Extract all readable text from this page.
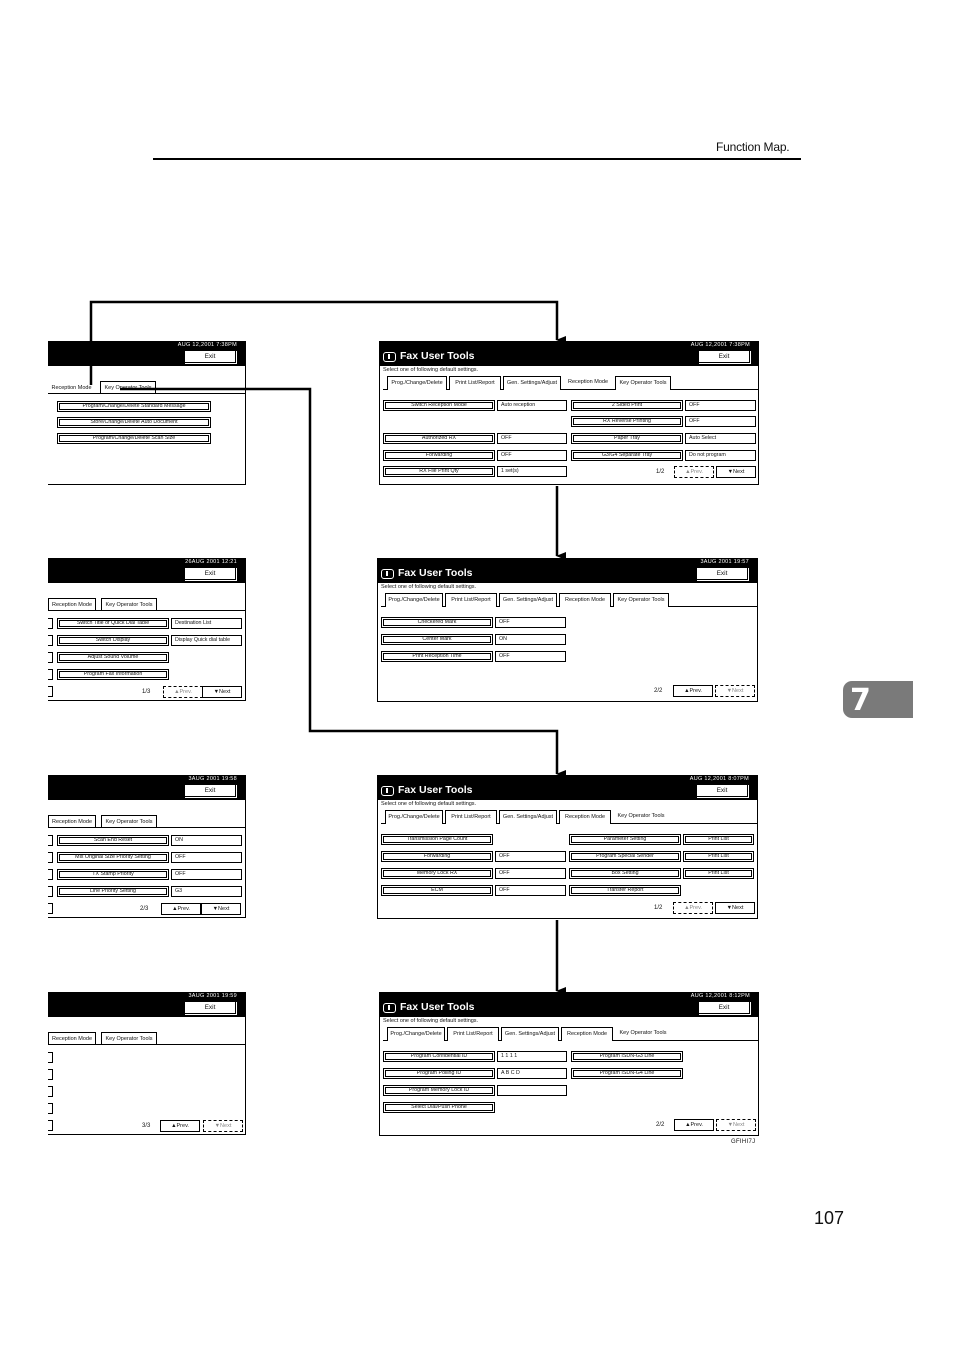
Function Map.
7
107
GFIHI7J
AUG 12,2001 7:38PM
Exit
Reception Mode	Key Operator Tools
Program/Change/Delete Standard Message
Store/Change/Delete Auto Document
Program/Change/Delete Scan Size
26AUG 2001 12:21
Exit
Reception Mode	Key Operator Tools
Switch Title of Quick Dial Table	Destination List
Switch Display	Display Quick dial table
Adjust Sound Volume
Program Fax Information
1/3	▲Prev.	▼Next
3AUG 2001 19:58
Exit
Reception Mode	Key Operator Tools
Scan End Reset	ON
Mix Original Size Priority Setting	OFF
TX Stamp Priority	OFF
Line Priority Setting	G3
2/3	▲Prev.	▼Next
3AUG 2001 19:59
Exit
Reception Mode	Key Operator Tools
3/3	▲Prev.	▼Next
AUG 12,2001 7:38PM
Fax User Tools	Exit
Select one of following default settings.
Prog./Change/Delete	Print List/Report	Gen. Settings/Adjust	Reception Mode	Key Operator Tools
Switch Reception Mode	Auto reception
Authorized RX	OFF
Forwarding	OFF
RX File Print Qty	1 set(s)
2 Sided Print	OFF
RX Reverse Printing	OFF
Paper Tray	Auto Select
G3/G4 Separate Tray	Do not program
1/2	▲Prev.	▼Next
3AUG 2001 19:57
Fax User Tools	Exit
Select one of following default settings.
Prog./Change/Delete	Print List/Report	Gen. Settings/Adjust	Reception Mode	Key Operator Tools
Checkered Mark	OFF
Center Mark	ON
Print Reception Time	OFF
2/2	▲Prev.	▼Next
AUG 12,2001 8:07PM
Fax User Tools	Exit
Select one of following default settings.
Prog./Change/Delete	Print List/Report	Gen. Settings/Adjust	Reception Mode	Key Operator Tools
Transmission Page Count
Forwarding	OFF
Memory Lock RX	OFF
ECM	OFF
Parameter Setting	Print List
Program Special Sender	Print List
Box Setting	Print List
Transfer Report
1/2	▲Prev.	▼Next
AUG 12,2001 8:12PM
Fax User Tools	Exit
Select one of following default settings.
Prog./Change/Delete	Print List/Report	Gen. Settings/Adjust	Reception Mode	Key Operator Tools
Program Confidential ID	1 1 1 1
Program Polling ID	A B C D
Program Memory Lock ID
Select Dial/Push Phone
Program ISDN-G3 Line
Program ISDN-G4 Line
2/2	▲Prev.	▼Next
